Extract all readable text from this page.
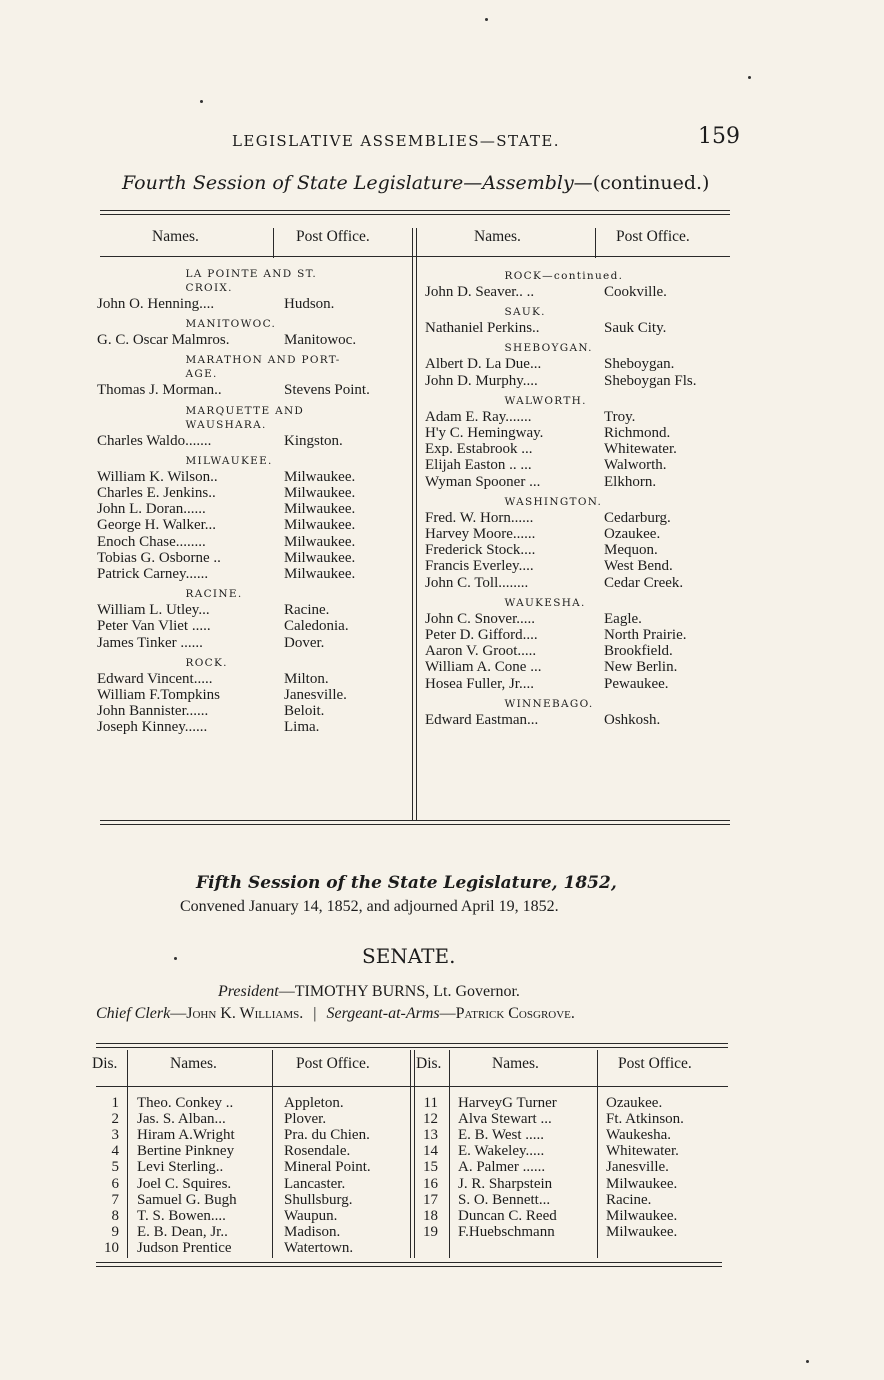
LEGISLATIVE ASSEMBLIES—STATE.	159
Fourth Session of State Legislature—Assembly—(continued.)
Names.	Post Office.	Names.	Post Office.
LA POINTE AND ST.
CROIX.
John O. Henning....	Hudson.
MANITOWOC.
G. C. Oscar Malmros.	Manitowoc.
MARATHON AND PORT-
AGE.
Thomas J. Morman..	Stevens Point.
MARQUETTE AND
WAUSHARA.
Charles Waldo.......	Kingston.
MILWAUKEE.
William K. Wilson..	Milwaukee.
Charles E. Jenkins..	Milwaukee.
John L. Doran......	Milwaukee.
George H. Walker...	Milwaukee.
Enoch Chase........	Milwaukee.
Tobias G. Osborne ..	Milwaukee.
Patrick Carney......	Milwaukee.
RACINE.
William L. Utley...	Racine.
Peter Van Vliet .....	Caledonia.
James Tinker ......	Dover.
ROCK.
Edward Vincent.....	Milton.
William F.Tompkins	Janesville.
John Bannister......	Beloit.
Joseph Kinney......	Lima.
ROCK—continued.
John D. Seaver.. ..	Cookville.
SAUK.
Nathaniel Perkins..	Sauk City.
SHEBOYGAN.
Albert D. La Due...	Sheboygan.
John D. Murphy....	Sheboygan Fls.
WALWORTH.
Adam E. Ray.......	Troy.
H'y C. Hemingway.	Richmond.
Exp. Estabrook ...	Whitewater.
Elijah Easton .. ...	Walworth.
Wyman Spooner ...	Elkhorn.
WASHINGTON.
Fred. W. Horn......	Cedarburg.
Harvey Moore......	Ozaukee.
Frederick Stock....	Mequon.
Francis Everley....	West Bend.
John C. Toll........	Cedar Creek.
WAUKESHA.
John C. Snover.....	Eagle.
Peter D. Gifford....	North Prairie.
Aaron V. Groot.....	Brookfield.
William A. Cone ...	New Berlin.
Hosea Fuller, Jr....	Pewaukee.
WINNEBAGO.
Edward Eastman...	Oshkosh.
Fifth Session of the State Legislature, 1852,
Convened January 14, 1852, and adjourned April 19, 1852.
SENATE.
President—TIMOTHY BURNS, Lt. Governor.
Chief Clerk—John K. Williams. | Sergeant-at-Arms—Patrick Cosgrove.
Dis.	Names.	Post Office.	Dis.	Names.	Post Office.
1 Theo. Conkey ..	Appleton.
2 Jas. S. Alban...	Plover.
3 Hiram A.Wright	Pra. du Chien.
4 Bertine Pinkney	Rosendale.
5 Levi Sterling..	Mineral Point.
6 Joel C. Squires.	Lancaster.
7 Samuel G. Bugh	Shullsburg.
8 T. S. Bowen....	Waupun.
9 E. B. Dean, Jr..	Madison.
10 Judson Prentice	Watertown.
11 HarveyG Turner	Ozaukee.
12 Alva Stewart ...	Ft. Atkinson.
13 E. B. West .....	Waukesha.
14 E. Wakeley.....	Whitewater.
15 A. Palmer ......	Janesville.
16 J. R. Sharpstein	Milwaukee.
17 S. O. Bennett...	Racine.
18 Duncan C. Reed	Milwaukee.
19 F.Huebschmann	Milwaukee.
